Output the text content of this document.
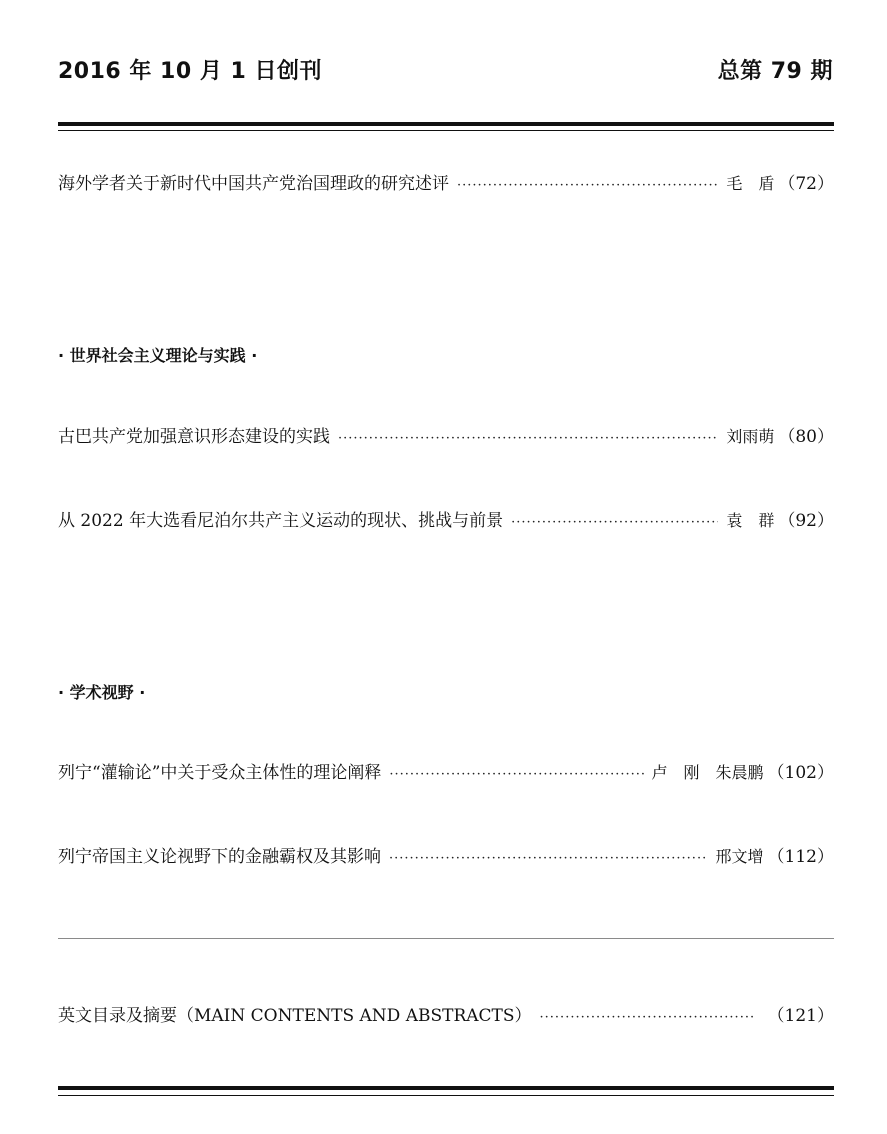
2016 年 10 月 1 日创刊	总第 79 期
海外学者关于新时代中国共产党治国理政的研究述评 ·····	毛　盾 （72）
· 世界社会主义理论与实践 ·
古巴共产党加强意识形态建设的实践 ·····	刘雨萌 （80）
从 2022 年大选看尼泊尔共产主义运动的现状、挑战与前景 ·····	袁　群 （92）
· 学术视野 ·
列宁“灌输论”中关于受众主体性的理论阐释 ·····	卢　刚　朱晨鹏 （102）
列宁帝国主义论视野下的金融霸权及其影响 ·····	邢文增 （112）
英文目录及摘要（MAIN CONTENTS AND ABSTRACTS） ·····	（121）
